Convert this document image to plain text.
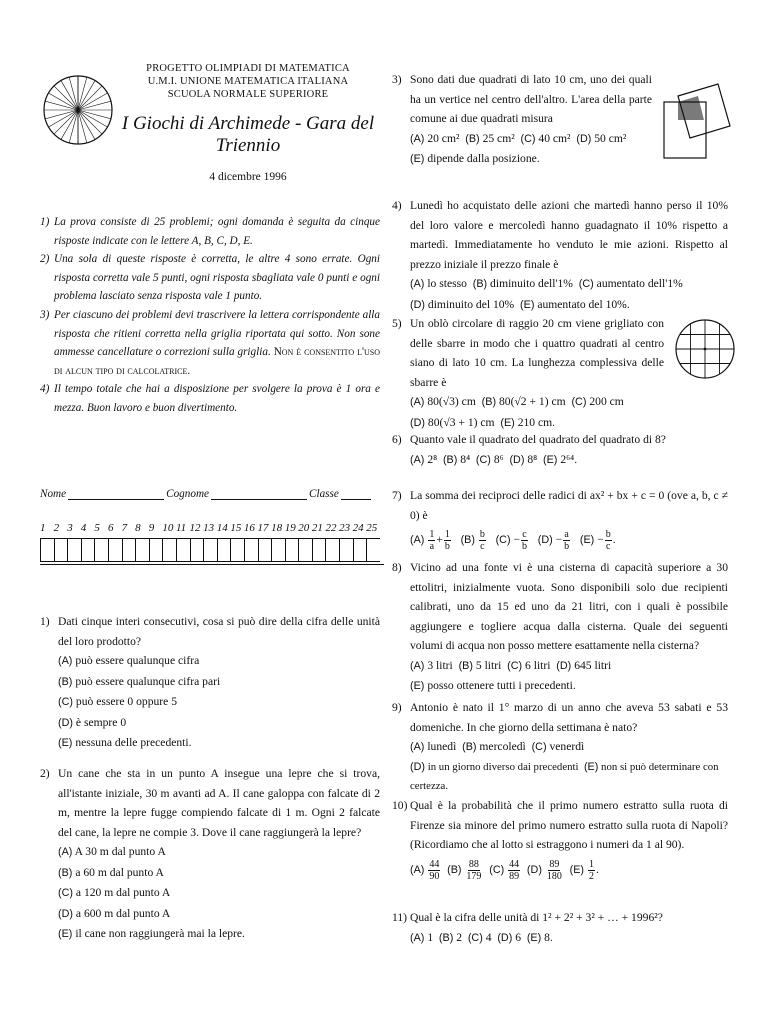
PROGETTO OLIMPIADI DI MATEMATICA
U.M.I. UNIONE MATEMATICA ITALIANA
SCUOLA NORMALE SUPERIORE
I Giochi di Archimede - Gara del Triennio
4 dicembre 1996
1) La prova consiste di 25 problemi; ogni domanda è seguita da cinque risposte indicate con le lettere A, B, C, D, E.
2) Una sola di queste risposte è corretta, le altre 4 sono errate. Ogni risposta corretta vale 5 punti, ogni risposta sbagliata vale 0 punti e ogni problema lasciato senza risposta vale 1 punto.
3) Per ciascuno dei problemi devi trascrivere la lettera corrispondente alla risposta che ritieni corretta nella griglia riportata qui sotto. Non sone ammesse cancellature o correzioni sulla griglia. Non è consentito l'uso di alcun tipo di calcolatrice.
4) Il tempo totale che hai a disposizione per svolgere la prova è 1 ora e mezza. Buon lavoro e buon divertimento.
Nome	Cognome	Classe
1 2 3 4 5 6 7 8 9 10 11 12 13 14 15 16 17 18 19 20 21 22 23 24 25
1) Dati cinque interi consecutivi, cosa si può dire della cifra delle unità del loro prodotto?
(A) può essere qualunque cifra
(B) può essere qualunque cifra pari
(C) può essere 0 oppure 5
(D) è sempre 0
(E) nessuna delle precedenti.
2) Un cane che sta in un punto A insegue una lepre che si trova, all'istante iniziale, 30 m avanti ad A. Il cane galoppa con falcate di 2 m, mentre la lepre fugge compiendo falcate di 1 m. Ogni 2 falcate del cane, la lepre ne compie 3. Dove il cane raggiungerà la lepre?
(A) A 30 m dal punto A
(B) a 60 m dal punto A
(C) a 120 m dal punto A
(D) a 600 m dal punto A
(E) il cane non raggiungerà mai la lepre.
3) Sono dati due quadrati di lato 10 cm, uno dei quali ha un vertice nel centro dell'altro. L'area della parte comune ai due quadrati misura
(A) 20 cm² (B) 25 cm² (C) 40 cm² (D) 50 cm²
(E) dipende dalla posizione.
4) Lunedì ho acquistato delle azioni che martedì hanno perso il 10% del loro valore e mercoledì hanno guadagnato il 10% rispetto a martedì. Immediatamente ho venduto le mie azioni. Rispetto al prezzo iniziale il prezzo finale è
(A) lo stesso (B) diminuito dell'1% (C) aumentato dell'1%
(D) diminuito del 10% (E) aumentato del 10%.
5) Un oblò circolare di raggio 20 cm viene grigliato con delle sbarre in modo che i quattro quadrati al centro siano di lato 10 cm. La lunghezza complessiva delle sbarre è
(A) 80(√3) cm (B) 80(√2 + 1) cm (C) 200 cm
(D) 80(√3 + 1) cm (E) 210 cm.
6) Quanto vale il quadrato del quadrato del quadrato di 8?
(A) 2⁸ (B) 8⁴ (C) 8⁶ (D) 8⁸ (E) 2⁶⁴.
7) La somma dei reciproci delle radici di ax² + bx + c = 0 (ove a, b, c ≠ 0) è
$(A) \frac{1}{a} + \frac{1}{b} (B) \frac{b}{c} (C) - \frac{c}{b} (D) - \frac{a}{b} (E) - \frac{b}{c}$ .
8) Vicino ad una fonte vi è una cisterna di capacità superiore a 30 ettolitri, inizialmente vuota. Sono disponibili solo due recipienti calibrati, uno da 15 ed uno da 21 litri, con i quali è possibile aggiungere e togliere acqua dalla cisterna. Quale dei seguenti volumi di acqua non posso mettere esattamente nella cisterna?
(A) 3 litri (B) 5 litri (C) 6 litri (D) 645 litri
(E) posso ottenere tutti i precedenti.
9) Antonio è nato il 1° marzo di un anno che aveva 53 sabati e 53 domeniche. In che giorno della settimana è nato?
(A) lunedì (B) mercoledì (C) venerdì
(D) in un giorno diverso dai precedenti (E) non si può determinare con certezza.
10) Qual è la probabilità che il primo numero estratto sulla ruota di Firenze sia minore del primo numero estratto sulla ruota di Napoli? (Ricordiamo che al lotto si estraggono i numeri da 1 al 90).
$(A) \frac{44}{90} (B) \frac{88}{179} (C) \frac{44}{89} (D) \frac{89}{180} (E) \frac{1}{2}$ .
11) Qual è la cifra delle unità di 1² + 2² + 3² + … + 1996²?
(A) 1 (B) 2 (C) 4 (D) 6 (E) 8.
